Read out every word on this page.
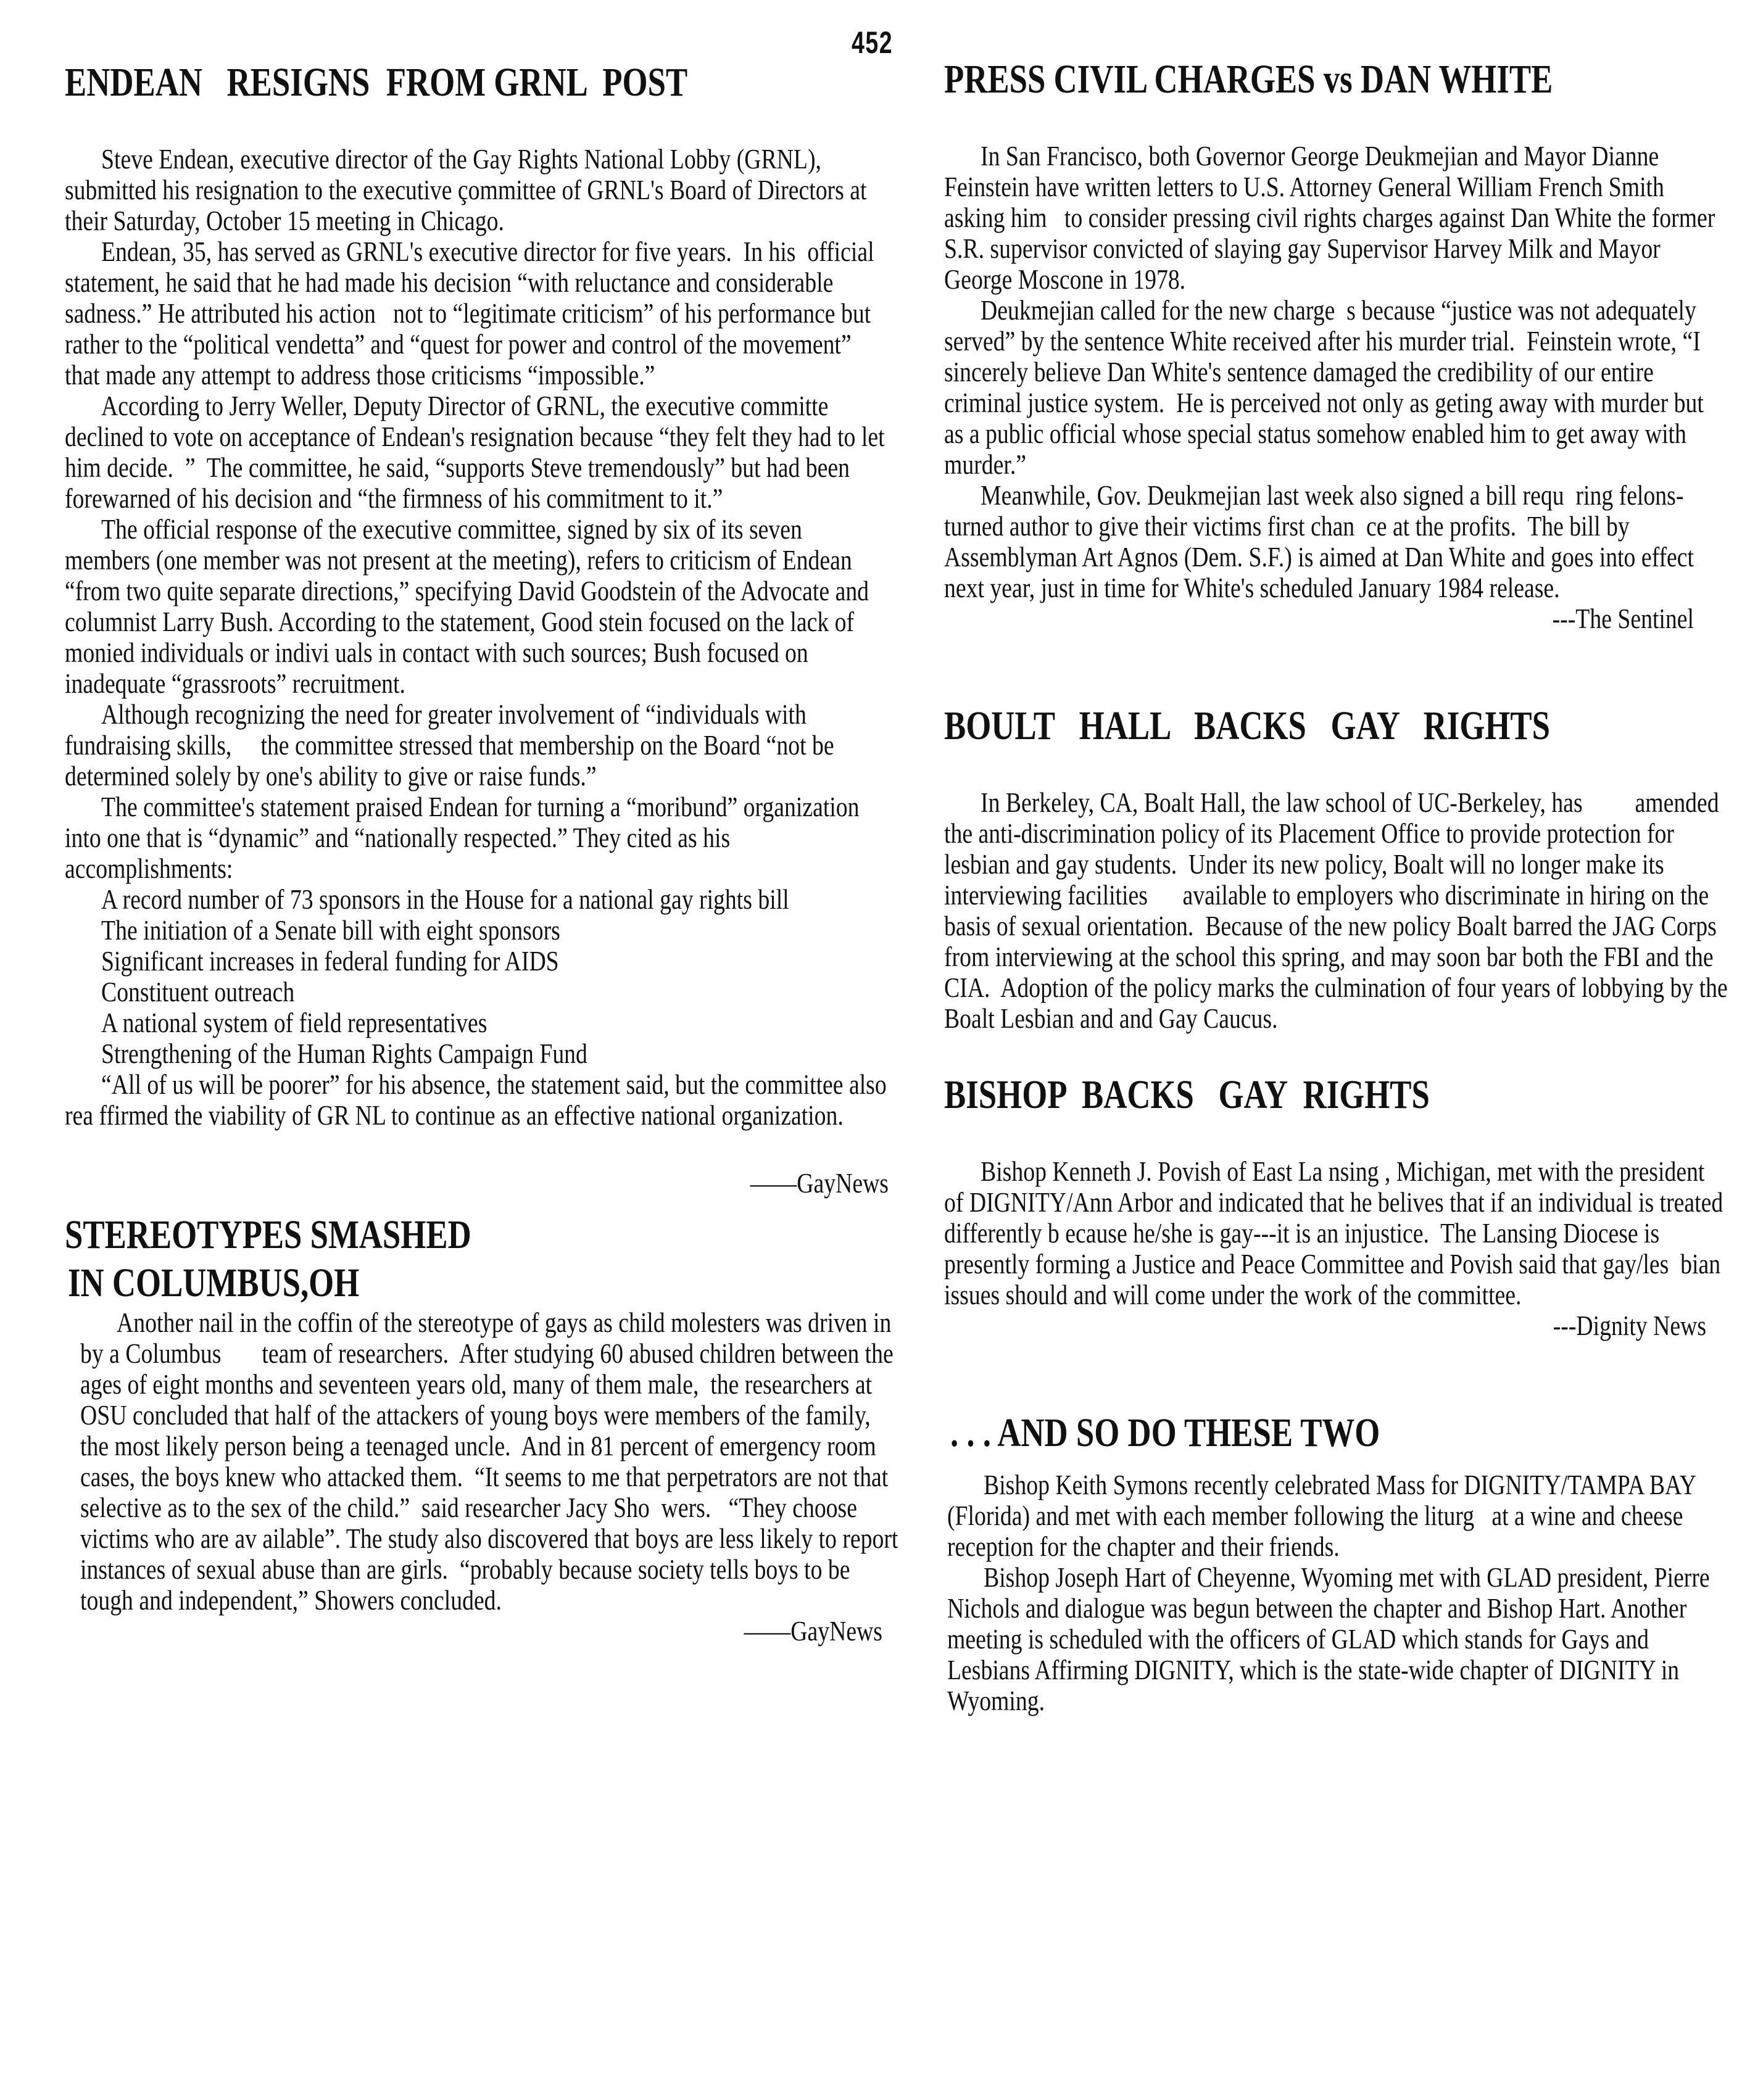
452
ENDEAN   RESIGNS  FROM GRNL  POST

Steve Endean, executive director of the Gay Rights National Lobby (GRNL), submitted his resignation to the executive çommittee of GRNL's Board of Directors at their Saturday, October 15 meeting in Chicago.

Endean, 35, has served as GRNL's executive director for five years.  In his  official statement, he said that he had made his decision “with reluctance and considerable sadness.” He attributed his action   not to “legitimate criticism” of his performance but rather to the “political vendetta” and “quest for power and control of the movement” that made any attempt to address those criticisms “impossible.”

According to Jerry Weller, Deputy Director of GRNL, the executive committe    declined to vote on acceptance of Endean's resignation because “they felt they had to let him decide.  ”  The committee, he said, “supports Steve tremendously” but had been forewarned of his decision and “the firmness of his commitment to it.”

The official response of the executive committee, signed by six of its seven members (one member was not present at the meeting), refers to criticism of Endean “from two quite separate directions,” specifying David Goodstein of the Advocate and columnist Larry Bush. According to the statement, Good stein focused on the lack of monied individuals or indivi uals in contact with such sources; Bush focused on inadequate “grassroots” recruitment.

Although recognizing the need for greater involvement of “individuals with fundraising skills,     the committee stressed that membership on the Board “not be determined solely by one's ability to give or raise funds.”

The committee's statement praised Endean for turning a “moribund” organization into one that is “dynamic” and “nationally respected.” They cited as his accomplishments:

A record number of 73 sponsors in the House for a national gay rights bill

The initiation of a Senate bill with eight sponsors

Significant increases in federal funding for AIDS

Constituent outreach

A national system of field representatives

Strengthening of the Human Rights Campaign Fund

“All of us will be poorer” for his absence, the statement said, but the committee also rea ffirmed the viability of GR NL to continue as an effective national organization.

——GayNews
STEREOTYPES SMASHED
IN COLUMBUS,OH

Another nail in the coffin of the stereotype of gays as child molesters was driven in by a Columbus       team of researchers.  After studying 60 abused children between the ages of eight months and seventeen years old, many of them male,  the researchers at OSU concluded that half of the attackers of young boys were members of the family, the most likely person being a teenaged uncle.  And in 81 percent of emergency room cases, the boys knew who attacked them.  “It seems to me that perpetrators are not that selective as to the sex of the child.”  said researcher Jacy Sho  wers.   “They choose victims who are av ailable”. The study also discovered that boys are less likely to report instances of sexual abuse than are girls.  “probably because society tells boys to be tough and independent,” Showers concluded.

——GayNews
PRESS CIVIL CHARGES vs DAN WHITE

In San Francisco, both Governor George Deukmejian and Mayor Dianne Feinstein have written letters to U.S. Attorney General William French Smith asking him   to consider pressing civil rights charges against Dan White the former S.R. supervisor convicted of slaying gay Supervisor Harvey Milk and Mayor George Moscone in 1978.

Deukmejian called for the new charge  s because “justice was not adequately served” by the sentence White received after his murder trial.  Feinstein wrote, “I sincerely believe Dan White's sentence damaged the credibility of our entire criminal justice system.  He is perceived not only as geting away with murder but as a public official whose special status somehow enabled him to get away with murder.”

Meanwhile, Gov. Deukmejian last week also signed a bill requ  ring felons-turned author to give their victims first chan  ce at the profits.  The bill by Assemblyman Art Agnos (Dem. S.F.) is aimed at Dan White and goes into effect next year, just in time for White's scheduled January 1984 release.

---The Sentinel
BOULT   HALL   BACKS   GAY   RIGHTS

In Berkeley, CA, Boalt Hall, the law school of UC-Berkeley, has         amended the anti-discrimination policy of its Placement Office to provide protection for lesbian and gay students.  Under its new policy, Boalt will no longer make its interviewing facilities      available to employers who discriminate in hiring on the basis of sexual orientation.  Because of the new policy Boalt barred the JAG Corps from interviewing at the school this spring, and may soon bar both the FBI and the CIA.  Adoption of the policy marks the culmination of four years of lobbying by the Boalt Lesbian and and Gay Caucus.

BISHOP  BACKS   GAY  RIGHTS

Bishop Kenneth J. Povish of East La nsing , Michigan, met with the president of DIGNITY/Ann Arbor and indicated that he belives that if an individual is treated differently b ecause he/she is gay---it is an injustice.  The Lansing Diocese is presently forming a Justice and Peace Committee and Povish said that gay/les  bian issues should and will come under the work of the committee.

---Dignity News
. . . AND SO DO THESE TWO

Bishop Keith Symons recently celebrated Mass for DIGNITY/TAMPA BAY (Florida) and met with each member following the liturg   at a wine and cheese reception for the chapter and their friends.

Bishop Joseph Hart of Cheyenne, Wyoming met with GLAD president, Pierre Nichols and dialogue was begun between the chapter and Bishop Hart. Another meeting is scheduled with the officers of GLAD which stands for Gays and Lesbians Affirming DIGNITY, which is the state-wide chapter of DIGNITY in Wyoming.
